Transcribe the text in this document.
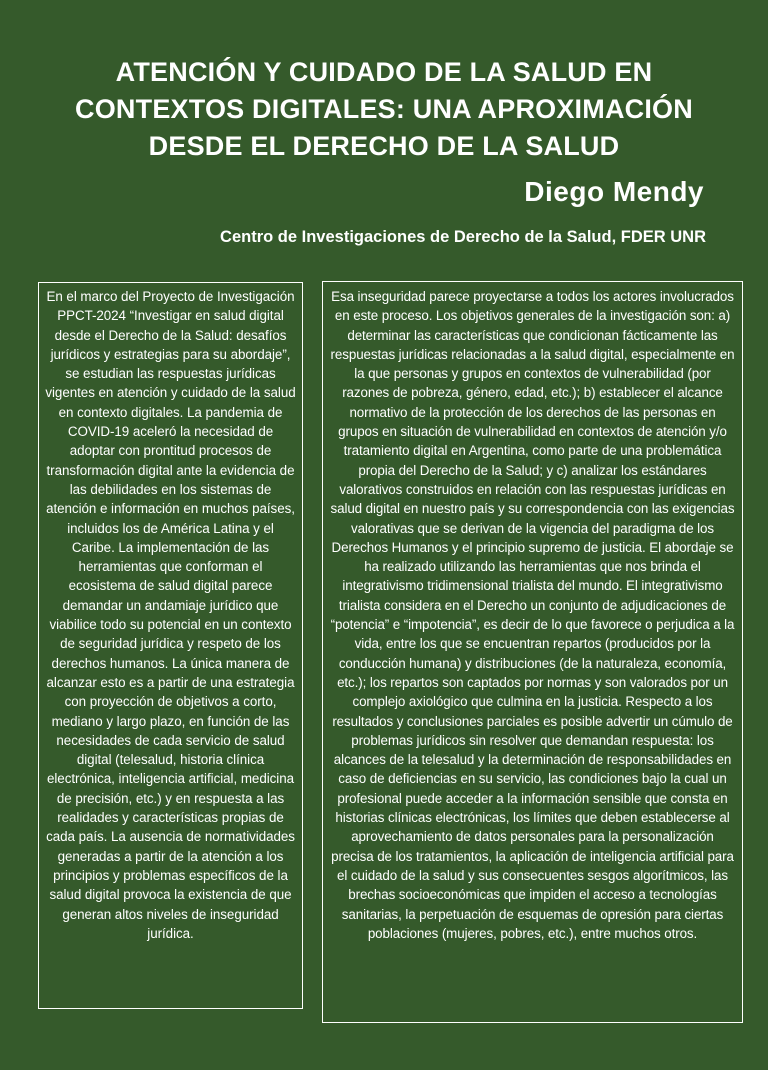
ATENCIÓN Y CUIDADO DE LA SALUD EN
CONTEXTOS DIGITALES: UNA APROXIMACIÓN
DESDE EL DERECHO DE LA SALUD

Diego Mendy

Centro de Investigaciones de Derecho de la Salud, FDER UNR

En el marco del Proyecto de Investigación PPCT-2024 “Investigar en salud digital desde el Derecho de la Salud: desafíos jurídicos y estrategias para su abordaje”, se estudian las respuestas jurídicas vigentes en atención y cuidado de la salud en contexto digitales. La pandemia de COVID-19 aceleró la necesidad de adoptar con prontitud procesos de transformación digital ante la evidencia de las debilidades en los sistemas de atención e información en muchos países, incluidos los de América Latina y el Caribe. La implementación de las herramientas que conforman el ecosistema de salud digital parece demandar un andamiaje jurídico que viabilice todo su potencial en un contexto de seguridad jurídica y respeto de los derechos humanos. La única manera de alcanzar esto es a partir de una estrategia con proyección de objetivos a corto, mediano y largo plazo, en función de las necesidades de cada servicio de salud digital (telesalud, historia clínica electrónica, inteligencia artificial, medicina de precisión, etc.) y en respuesta a las realidades y características propias de cada país. La ausencia de normatividades generadas a partir de la atención a los principios y problemas específicos de la salud digital provoca la existencia de que generan altos niveles de inseguridad jurídica.

Esa inseguridad parece proyectarse a todos los actores involucrados en este proceso. Los objetivos generales de la investigación son: a) determinar las características que condicionan fácticamente las respuestas jurídicas relacionadas a la salud digital, especialmente en la que personas y grupos en contextos de vulnerabilidad (por razones de pobreza, género, edad, etc.); b) establecer el alcance normativo de la protección de los derechos de las personas en grupos en situación de vulnerabilidad en contextos de atención y/o tratamiento digital en Argentina, como parte de una problemática propia del Derecho de la Salud; y c) analizar los estándares valorativos construidos en relación con las respuestas jurídicas en salud digital en nuestro país y su correspondencia con las exigencias valorativas que se derivan de la vigencia del paradigma de los Derechos Humanos y el principio supremo de justicia. El abordaje se ha realizado utilizando las herramientas que nos brinda el integrativismo tridimensional trialista del mundo. El integrativismo trialista considera en el Derecho un conjunto de adjudicaciones de “potencia” e “impotencia”, es decir de lo que favorece o perjudica a la vida, entre los que se encuentran repartos (producidos por la conducción humana) y distribuciones (de la naturaleza, economía, etc.); los repartos son captados por normas y son valorados por un complejo axiológico que culmina en la justicia. Respecto a los resultados y conclusiones parciales es posible advertir un cúmulo de problemas jurídicos sin resolver que demandan respuesta: los alcances de la telesalud y la determinación de responsabilidades en caso de deficiencias en su servicio, las condiciones bajo la cual un profesional puede acceder a la información sensible que consta en historias clínicas electrónicas, los límites que deben establecerse al aprovechamiento de datos personales para la personalización precisa de los tratamientos, la aplicación de inteligencia artificial para el cuidado de la salud y sus consecuentes sesgos algorítmicos, las brechas socioeconómicas que impiden el acceso a tecnologías sanitarias, la perpetuación de esquemas de opresión para ciertas poblaciones (mujeres, pobres, etc.), entre muchos otros.
